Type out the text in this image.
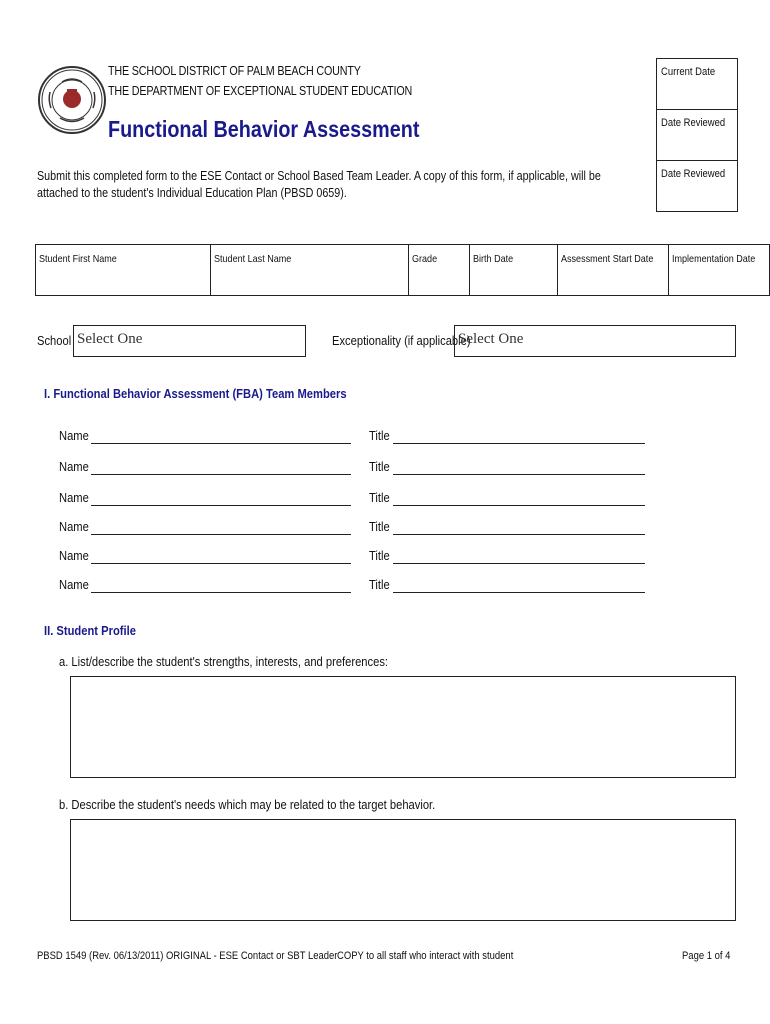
THE SCHOOL DISTRICT OF PALM BEACH COUNTY
THE DEPARTMENT OF EXCEPTIONAL STUDENT EDUCATION
Functional Behavior Assessment
Current Date
Date Reviewed
Date Reviewed
Submit this completed form to the ESE Contact or School Based Team Leader. A copy of this form, if applicable, will be attached to the student's Individual Education Plan (PBSD 0659).
Student First Name	Student Last Name	Grade	Birth Date	Assessment Start Date	Implementation Date
School Select One	Exceptionality (if applicable)
Select One
I. Functional Behavior Assessment (FBA) Team Members
Name	Title
Name	Title
Name	Title
Name	Title
Name	Title
Name	Title
II. Student Profile
a. List/describe the student's strengths, interests, and preferences:
b. Describe the student's needs which may be related to the target behavior.
PBSD 1549 (Rev. 06/13/2011) ORIGINAL - ESE Contact or SBT Leader COPY to all staff who interact with student	Page 1 of 4
